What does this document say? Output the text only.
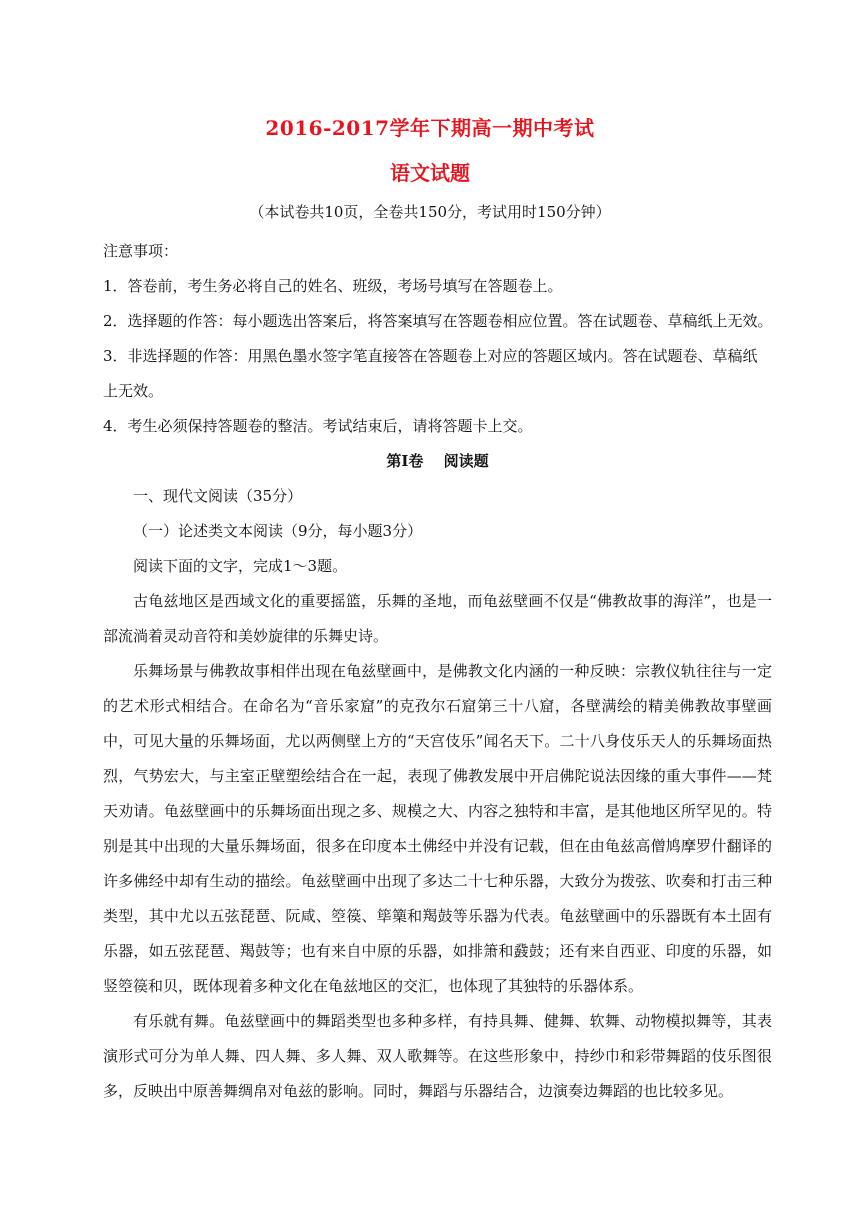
2016-2017学年下期高一期中考试
语文试题
（本试卷共10页，全卷共150分，考试用时150分钟）
注意事项：
1．答卷前，考生务必将自己的姓名、班级，考场号填写在答题卷上。
2．选择题的作答：每小题选出答案后，将答案填写在答题卷相应位置。答在试题卷、草稿纸上无效。
3．非选择题的作答：用黑色墨水签字笔直接答在答题卷上对应的答题区域内。答在试题卷、草稿纸上无效。
4．考生必须保持答题卷的整洁。考试结束后，请将答题卡上交。
第Ⅰ卷　 阅读题
一、现代文阅读（35分）
（一）论述类文本阅读（9分，每小题3分）
阅读下面的文字，完成1～3题。

古龟兹地区是西域文化的重要摇篮，乐舞的圣地，而龟兹壁画不仅是“佛教故事的海洋”，也是一部流淌着灵动音符和美妙旋律的乐舞史诗。

乐舞场景与佛教故事相伴出现在龟兹壁画中，是佛教文化内涵的一种反映：宗教仪轨往往与一定的艺术形式相结合。在命名为“音乐家窟”的克孜尔石窟第三十八窟，各壁满绘的精美佛教故事壁画中，可见大量的乐舞场面，尤以两侧壁上方的“天宫伎乐”闻名天下。二十八身伎乐天人的乐舞场面热烈，气势宏大，与主室正壁塑绘结合在一起，表现了佛教发展中开启佛陀说法因缘的重大事件——梵天劝请。龟兹壁画中的乐舞场面出现之多、规模之大、内容之独特和丰富，是其他地区所罕见的。特别是其中出现的大量乐舞场面，很多在印度本土佛经中并没有记载，但在由龟兹高僧鸠摩罗什翻译的许多佛经中却有生动的描绘。龟兹壁画中出现了多达二十七种乐器，大致分为拨弦、吹奏和打击三种类型，其中尤以五弦琵琶、阮咸、箜篌、筚篥和羯鼓等乐器为代表。龟兹壁画中的乐器既有本土固有乐器，如五弦琵琶、羯鼓等；也有来自中原的乐器，如排箫和鼗鼓；还有来自西亚、印度的乐器，如竖箜篌和贝，既体现着多种文化在龟兹地区的交汇，也体现了其独特的乐器体系。

有乐就有舞。龟兹壁画中的舞蹈类型也多种多样，有持具舞、健舞、软舞、动物模拟舞等，其表演形式可分为单人舞、四人舞、多人舞、双人歌舞等。在这些形象中，持纱巾和彩带舞蹈的伎乐图很多，反映出中原善舞绸帛对龟兹的影响。同时，舞蹈与乐器结合，边演奏边舞蹈的也比较多见。
